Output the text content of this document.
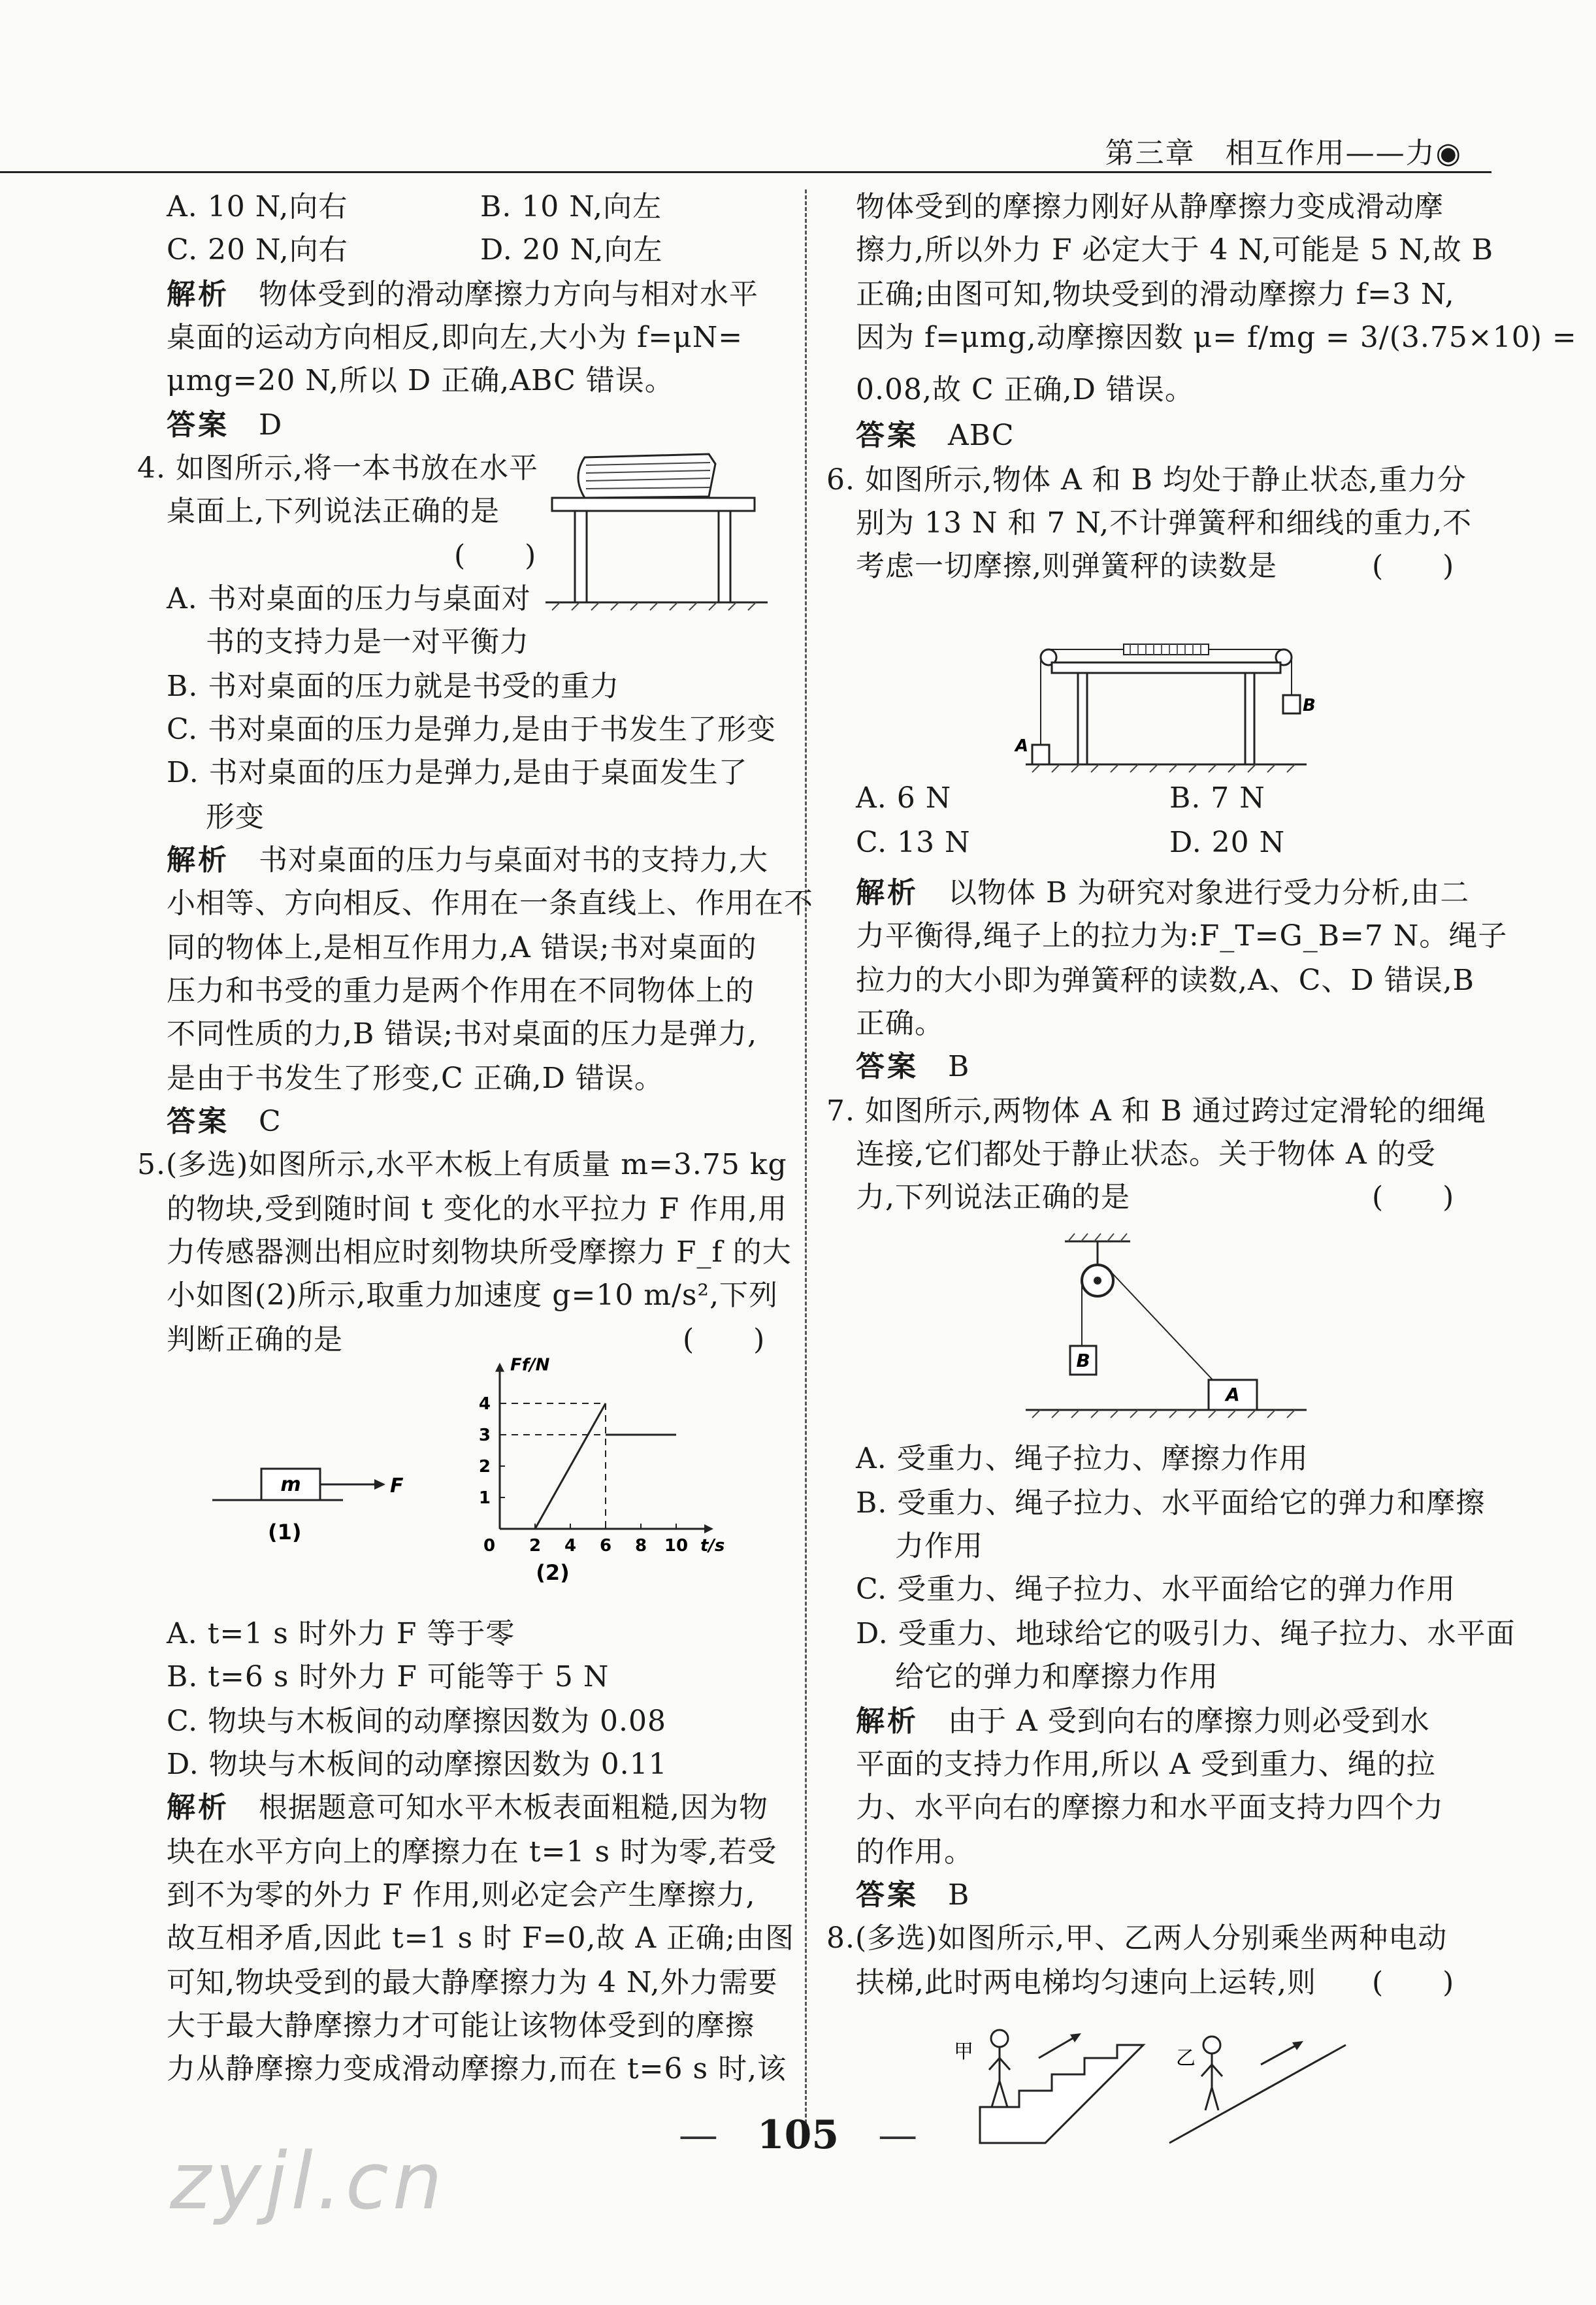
第三章　 相互作用——力◉
A. 10 N,向右	B. 10 N,向左
C. 20 N,向右	D. 20 N,向左
解析　 物体受到的滑动摩擦力方向与相对水平
桌面的运动方向相反,即向左,大小为 f=μN=
μmg=20 N,所以 D 正确,ABC 错误。
答案　 D
4. 如图所示,将一本书放在水平
桌面上,下列说法正确的是
(　　)
A. 书对桌面的压力与桌面对
书的支持力是一对平衡力
B. 书对桌面的压力就是书受的重力
C. 书对桌面的压力是弹力,是由于书发生了形变
D. 书对桌面的压力是弹力,是由于桌面发生了
形变
解析　 书对桌面的压力与桌面对书的支持力,大
小相等、方向相反、作用在一条直线上、作用在不
同的物体上,是相互作用力,A 错误;书对桌面的
压力和书受的重力是两个作用在不同物体上的
不同性质的力,B 错误;书对桌面的压力是弹力,
是由于书发生了形变,C 正确,D 错误。
答案　 C
5.(多选)如图所示,水平木板上有质量 m=3.75 kg
的物块,受到随时间 t 变化的水平拉力 F 作用,用
力传感器测出相应时刻物块所受摩擦力 F_f 的大
小如图(2)所示,取重力加速度 g=10 m/s²,下列
判断正确的是	(　　)
m	F
(1)
Ff/N
t/s
1
2
3
4
0 2 4 6 8 10
(2)
A. t=1 s 时外力 F 等于零
B. t=6 s 时外力 F 可能等于 5 N
C. 物块与木板间的动摩擦因数为 0.08
D. 物块与木板间的动摩擦因数为 0.11
解析　 根据题意可知水平木板表面粗糙,因为物
块在水平方向上的摩擦力在 t=1 s 时为零,若受
到不为零的外力 F 作用,则必定会产生摩擦力,
故互相矛盾,因此 t=1 s 时 F=0,故 A 正确;由图
可知,物块受到的最大静摩擦力为 4 N,外力需要
大于最大静摩擦力才可能让该物体受到的摩擦
力从静摩擦力变成滑动摩擦力,而在 t=6 s 时,该
物体受到的摩擦力刚好从静摩擦力变成滑动摩
擦力,所以外力 F 必定大于 4 N,可能是 5 N,故 B
正确;由图可知,物块受到的滑动摩擦力 f=3 N,
因为 f=μmg,动摩擦因数 μ= f/mg = 3/(3.75×10) =
0.08,故 C 正确,D 错误。
答案　 ABC
6. 如图所示,物体 A 和 B 均处于静止状态,重力分
别为 13 N 和 7 N,不计弹簧秤和细线的重力,不
考虑一切摩擦,则弹簧秤的读数是	(　　)
A
B
A. 6 N	B. 7 N
C. 13 N	D. 20 N
解析　 以物体 B 为研究对象进行受力分析,由二
力平衡得,绳子上的拉力为:F_T=G_B=7 N。绳子
拉力的大小即为弹簧秤的读数,A、C、D 错误,B
正确。
答案　 B
7. 如图所示,两物体 A 和 B 通过跨过定滑轮的细绳
连接,它们都处于静止状态。关于物体 A 的受
力,下列说法正确的是	(　　)
B
A
A. 受重力、绳子拉力、摩擦力作用
B. 受重力、绳子拉力、水平面给它的弹力和摩擦
力作用
C. 受重力、绳子拉力、水平面给它的弹力作用
D. 受重力、地球给它的吸引力、绳子拉力、水平面
给它的弹力和摩擦力作用
解析　 由于 A 受到向右的摩擦力则必受到水
平面的支持力作用,所以 A 受到重力、绳的拉
力、水平向右的摩擦力和水平面支持力四个力
的作用。
答案　 B
8.(多选)如图所示,甲、乙两人分别乘坐两种电动
扶梯,此时两电梯均匀速向上运转,则 (　　)
甲	乙
—　 105　 —
zyjl.cn
